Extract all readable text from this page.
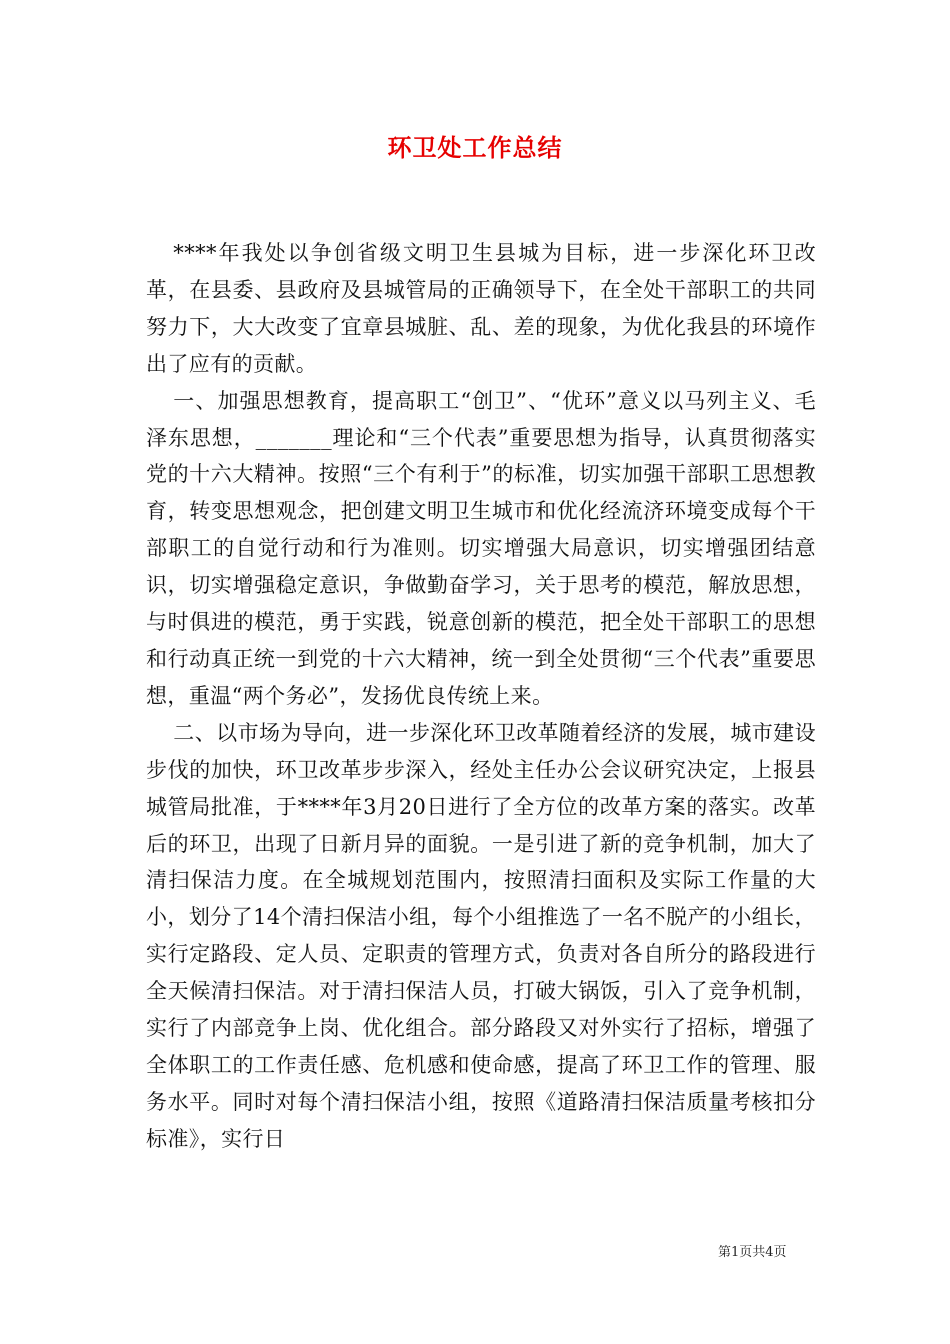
环卫处工作总结

****年我处以争创省级文明卫生县城为目标，进一步深化环卫改革，在县委、县政府及县城管局的正确领导下，在全处干部职工的共同努力下，大大改变了宜章县城脏、乱、差的现象，为优化我县的环境作出了应有的贡献。

一、加强思想教育，提高职工“创卫”、“优环”意义以马列主义、毛泽东思想，_______理论和“三个代表”重要思想为指导，认真贯彻落实党的十六大精神。按照“三个有利于”的标准，切实加强干部职工思想教育，转变思想观念，把创建文明卫生城市和优化经流济环境变成每个干部职工的自觉行动和行为准则。切实增强大局意识，切实增强团结意识，切实增强稳定意识，争做勤奋学习，关于思考的模范，解放思想，与时俱进的模范，勇于实践，锐意创新的模范，把全处干部职工的思想和行动真正统一到党的十六大精神，统一到全处贯彻“三个代表”重要思想，重温“两个务必”，发扬优良传统上来。

二、以市场为导向，进一步深化环卫改革随着经济的发展，城市建设步伐的加快，环卫改革步步深入，经处主任办公会议研究决定，上报县城管局批准，于****年3月20日进行了全方位的改革方案的落实。改革后的环卫，出现了日新月异的面貌。一是引进了新的竞争机制，加大了清扫保洁力度。在全城规划范围内，按照清扫面积及实际工作量的大小，划分了14个清扫保洁小组，每个小组推选了一名不脱产的小组长，实行定路段、定人员、定职责的管理方式，负责对各自所分的路段进行全天候清扫保洁。对于清扫保洁人员，打破大锅饭，引入了竞争机制，实行了内部竞争上岗、优化组合。部分路段又对外实行了招标，增强了全体职工的工作责任感、危机感和使命感，提高了环卫工作的管理、服务水平。同时对每个清扫保洁小组，按照《道路清扫保洁质量考核扣分标准》，实行日

第1页共4页
